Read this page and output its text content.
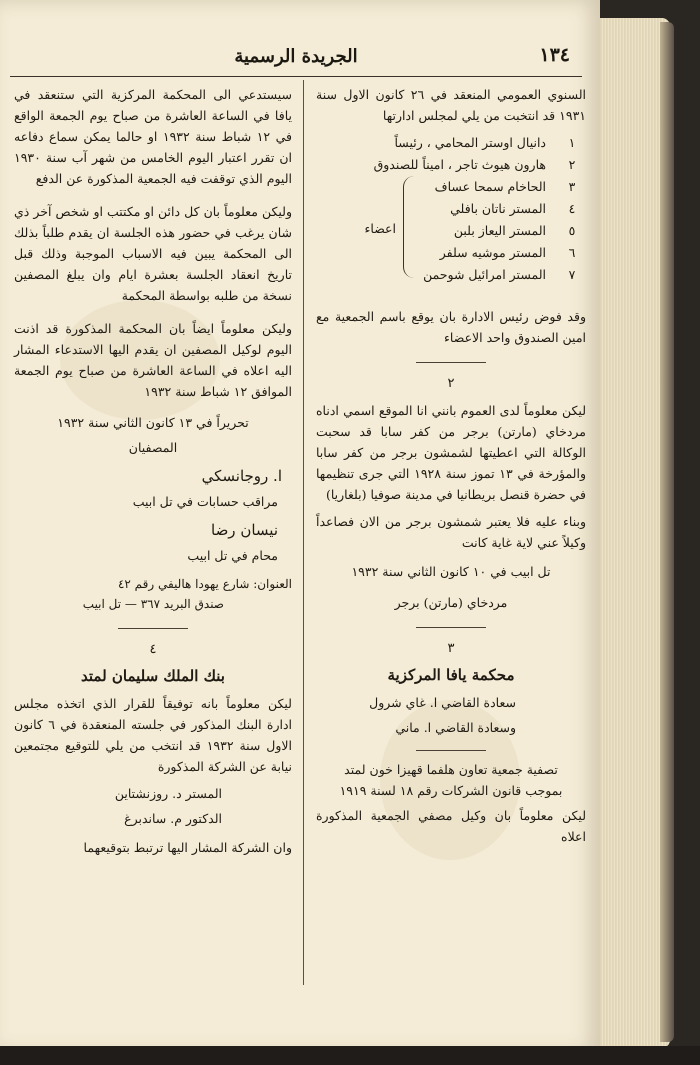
الجريدة الرسمية	١٣٤

السنوي العمومي المنعقد في ٢٦ كانون الاول سنة ١٩٣١ قد انتخبت من يلي لمجلس ادارتها

١
دانيال اوستر المحامي ، رئيساً
٢
هارون هيوث تاجر ، اميناً للصندوق
٣
الحاخام سمحا عساف
٤
المستر ناتان بافلي
٥
المستر اليعاز بلبن
٦
المستر موشيه سلفر
٧
المستر امرائيل شوحمن
اعضاء

وقد فوض رئيس الادارة بان يوقع باسم الجمعية مع امين الصندوق واحد الاعضاء

٢

ليكن معلوماً لدى العموم بانني انا الموقع اسمي ادناه مردخاي (مارتن) برجر من كفر سابا قد سحبت الوكالة التي اعطيتها لشمشون برجر من كفر سابا والمؤرخة في ١٣ تموز سنة ١٩٢٨ التي جرى تنظيمها في حضرة قنصل بريطانيا في مدينة صوفيا (بلغاريا)

وبناء عليه فلا يعتبر شمشون برجر من الان فصاعداً وكيلاً عني لاية غاية كانت

تل ابيب في ١٠ كانون الثاني سنة ١٩٣٢
مردخاي (مارتن) برجر
٣
محكمة يافا المركزية
سعادة القاضي ا. غاي شرول
وسعادة القاضي ا. ماني
تصفية جمعية تعاون هلفما قهيزا خون لمتد
بموجب قانون الشركات رقم ١٨ لسنة ١٩١٩

ليكن معلوماً بان وكيل مصفي الجمعية المذكورة اعلاه

سيستدعي الى المحكمة المركزية التي ستنعقد في يافا في الساعة العاشرة من صباح يوم الجمعة الواقع في ١٢ شباط سنة ١٩٣٢ او حالما يمكن سماع دفاعه ان تقرر اعتبار اليوم الخامس من شهر آب سنة ١٩٣٠ اليوم الذي توقفت فيه الجمعية المذكورة عن الدفع

وليكن معلوماً بان كل دائن او مكتتب او شخص آخر ذي شان يرغب في حضور هذه الجلسة ان يقدم طلباً بذلك الى المحكمة يبين فيه الاسباب الموجبة وذلك قبل تاريخ انعقاد الجلسة بعشرة ايام وان يبلغ المصفين نسخة من طلبه بواسطة المحكمة

وليكن معلوماً ايضاً بان المحكمة المذكورة قد اذنت اليوم لوكيل المصفين ان يقدم اليها الاستدعاء المشار اليه اعلاه في الساعة العاشرة من صباح يوم الجمعة الموافق ١٢ شباط سنة ١٩٣٢

تحريراً في ١٣ كانون الثاني سنة ١٩٣٢
المصفيان
ا. روجانسكي
مراقب حسابات في تل ابيب
نيسان رضا
محام في تل ابيب
العنوان: شارع يهودا هاليفي رقم ٤٢
صندق البريد ٣٦٧ — تل ابيب
٤
بنك الملك سليمان لمتد

ليكن معلوماً بانه توفيقاً للقرار الذي اتخذه مجلس ادارة البنك المذكور في جلسته المنعقدة في ٦ كانون الاول سنة ١٩٣٢ قد انتخب من يلي للتوقيع مجتمعين نيابة عن الشركة المذكورة

المستر د. روزنشتاين
الدكتور م. ساندبرغ

وان الشركة المشار اليها ترتبط بتوقيعهما
